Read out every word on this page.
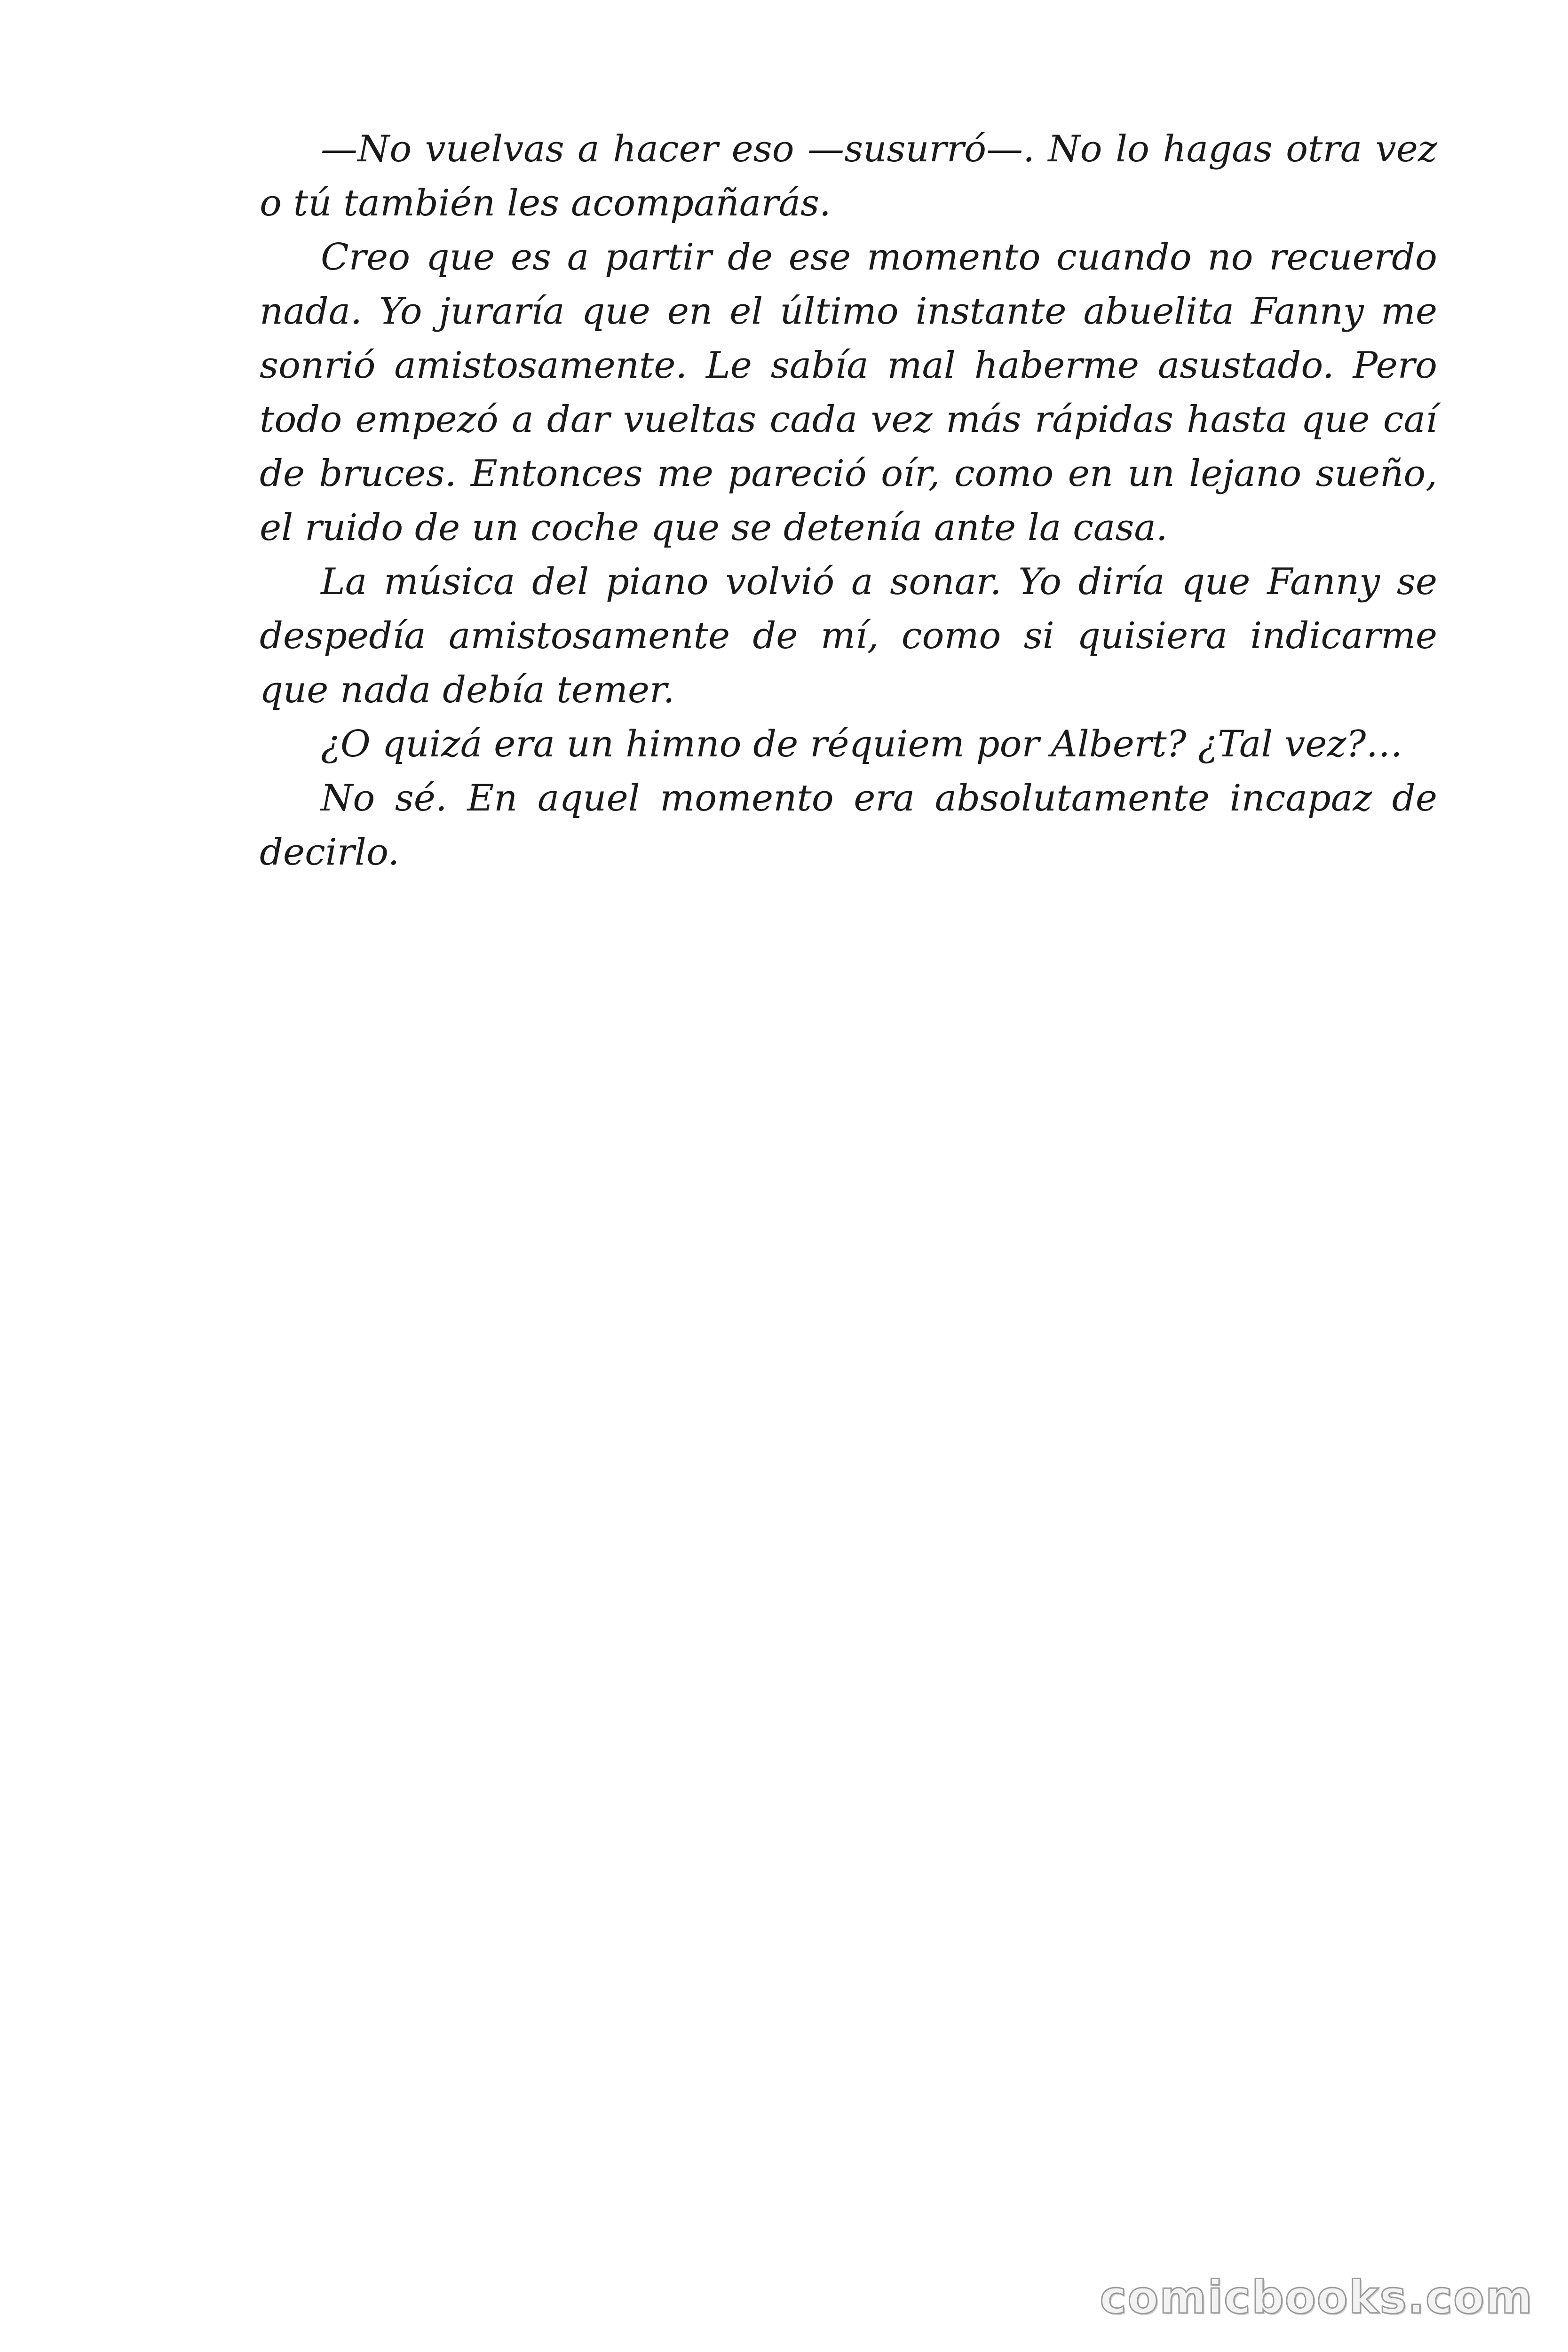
—No vuelvas a hacer eso —susurró—. No lo hagas otra vez o tú también les acompañarás.

Creo que es a partir de ese momento cuando no recuerdo nada. Yo juraría que en el último instante abuelita Fanny me sonrió amistosamente. Le sabía mal haberme asustado. Pero todo empezó a dar vueltas cada vez más rápidas hasta que caí de bruces. Entonces me pareció oír, como en un lejano sueño, el ruido de un coche que se detenía ante la casa.

La música del piano volvió a sonar. Yo diría que Fanny se despedía amistosamente de mí, como si quisiera indicarme que nada debía temer.

¿O quizá era un himno de réquiem por Albert? ¿Tal vez?…

No sé. En aquel momento era absolutamente incapaz de decirlo.

comicbooks.com
